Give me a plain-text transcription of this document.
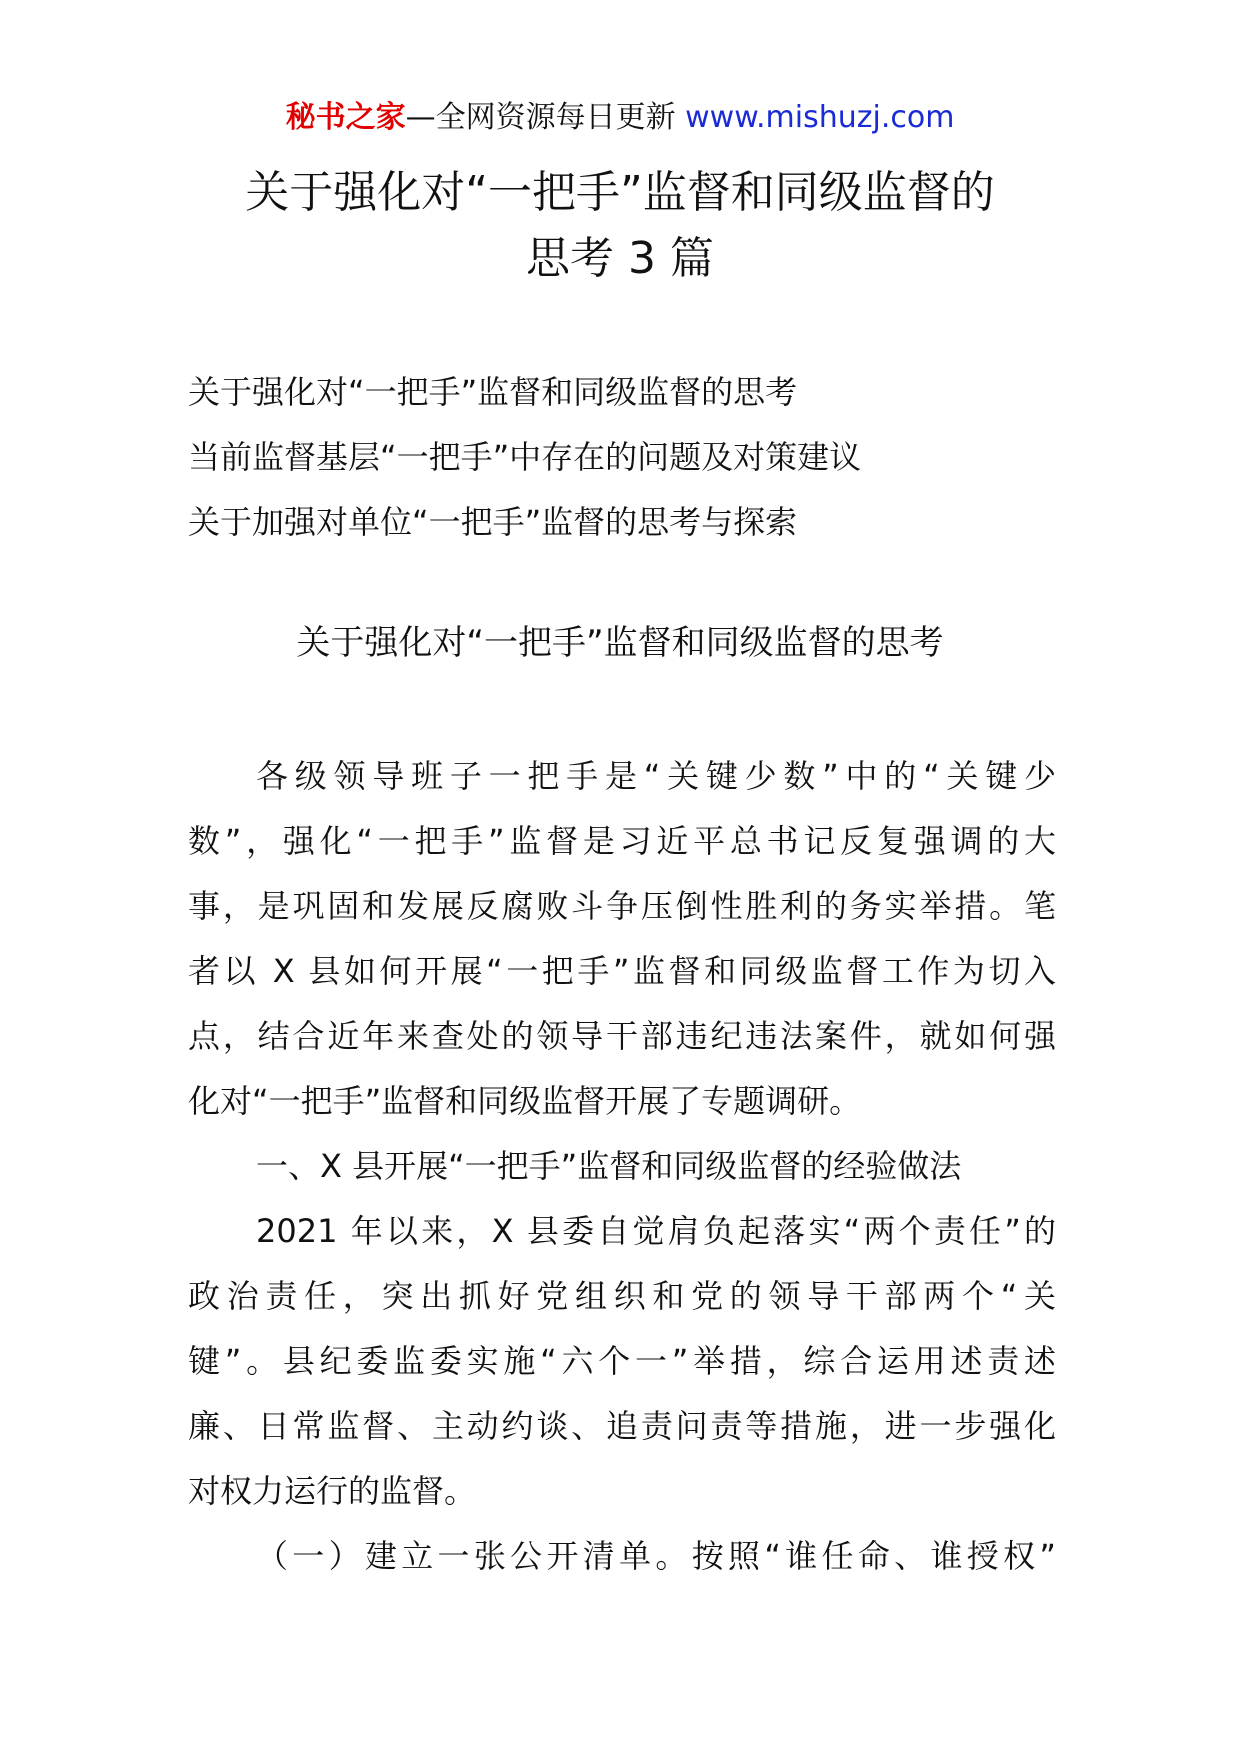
秘书之家—全网资源每日更新 www.mishuzj.com
关于强化对“一把手”监督和同级监督的
思考 3 篇
关于强化对“一把手”监督和同级监督的思考
当前监督基层“一把手”中存在的问题及对策建议
关于加强对单位“一把手”监督的思考与探索
关于强化对“一把手”监督和同级监督的思考
各级领导班子一把手是“关键少数”中的“关键少
数”，强化“一把手”监督是习近平总书记反复强调的大
事，是巩固和发展反腐败斗争压倒性胜利的务实举措。笔
者以 X 县如何开展“一把手”监督和同级监督工作为切入
点，结合近年来查处的领导干部违纪违法案件，就如何强
化对“一把手”监督和同级监督开展了专题调研。
一、X 县开展“一把手”监督和同级监督的经验做法
2021 年以来，X 县委自觉肩负起落实“两个责任”的
政治责任，突出抓好党组织和党的领导干部两个“关
键”。县纪委监委实施“六个一”举措，综合运用述责述
廉、日常监督、主动约谈、追责问责等措施，进一步强化
对权力运行的监督。
（一）建立一张公开清单。按照“谁任命、谁授权”
